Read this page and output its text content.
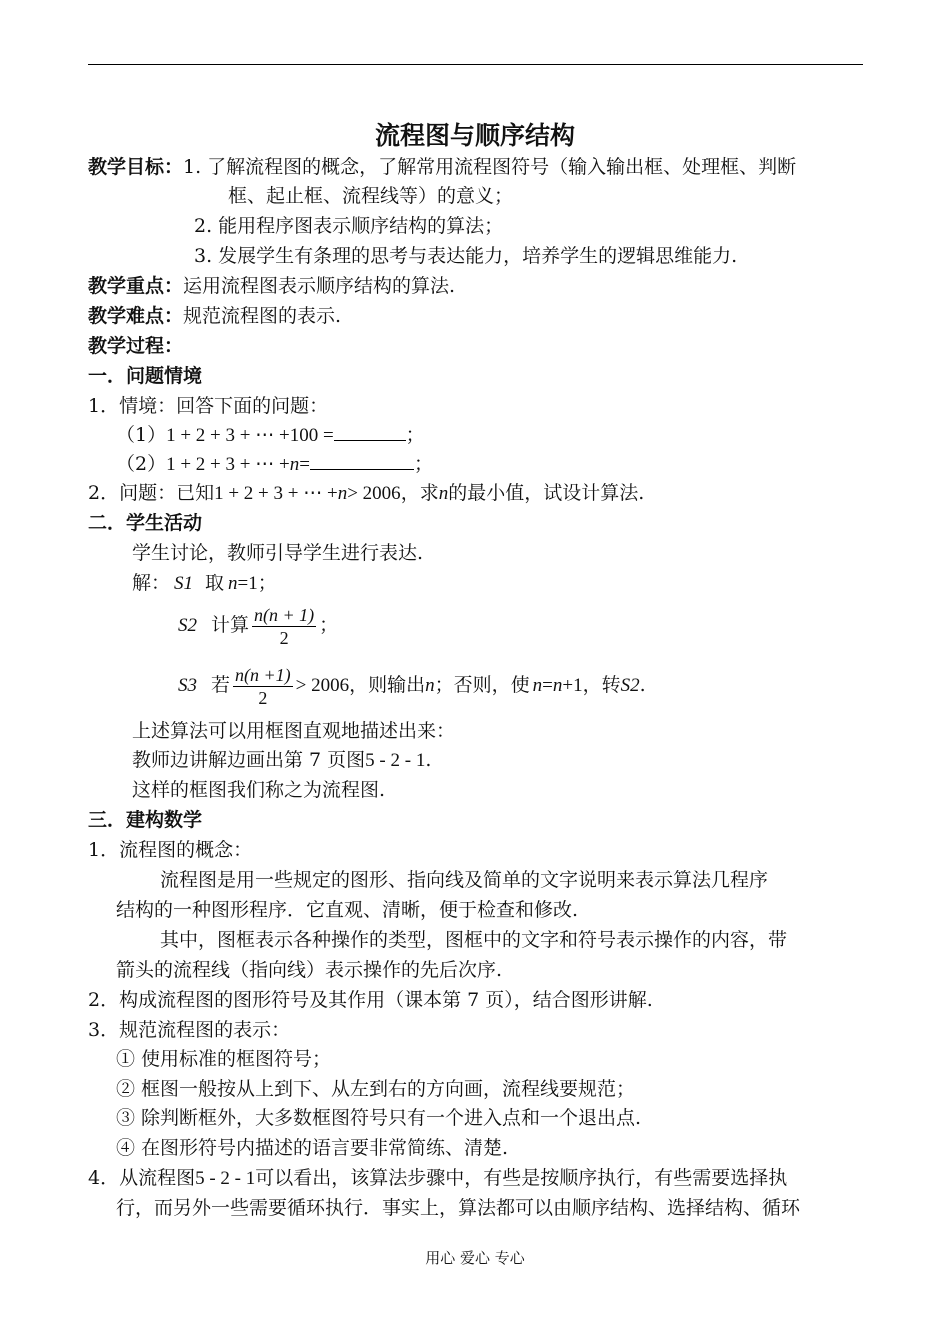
流程图与顺序结构
教学目标：1. 了解流程图的概念，了解常用流程图符号（输入输出框、处理框、判断
框、起止框、流程线等）的意义；
2. 能用程序图表示顺序结构的算法；
3. 发展学生有条理的思考与表达能力，培养学生的逻辑思维能力.
教学重点：运用流程图表示顺序结构的算法.
教学难点：规范流程图的表示.
教学过程：
一．问题情境
1．情境：回答下面的问题：
（1）1 + 2 + 3 + ⋯ +100 =	；
（2）1 + 2 + 3 + ⋯ +n=	；
2．问题：已知1 + 2 + 3 + ⋯ +n> 2006，求n的最小值，试设计算法.
二．学生活动
学生讨论，教师引导学生进行表达.
解： S1 取 n=1；
S2 计算 $\frac{n(n + 1)}{2}$ ；
S3 若 $\frac{n(n +1)}{2} > 2006$，则输出n；否则，使 n=n+1，转S2.
上述算法可以用框图直观地描述出来：
教师边讲解边画出第 7 页图5 - 2 - 1.
这样的框图我们称之为流程图.
三．建构数学
1．流程图的概念：
流程图是用一些规定的图形、指向线及简单的文字说明来表示算法几程序
结构的一种图形程序．它直观、清晰，便于检查和修改.
其中，图框表示各种操作的类型，图框中的文字和符号表示操作的内容，带
箭头的流程线（指向线）表示操作的先后次序.
2．构成流程图的图形符号及其作用（课本第 7 页），结合图形讲解.
3．规范流程图的表示：
① 使用标准的框图符号；
② 框图一般按从上到下、从左到右的方向画，流程线要规范；
③ 除判断框外，大多数框图符号只有一个进入点和一个退出点.
④ 在图形符号内描述的语言要非常简练、清楚.
4．从流程图5 - 2 - 1可以看出，该算法步骤中，有些是按顺序执行，有些需要选择执
行，而另外一些需要循环执行．事实上，算法都可以由顺序结构、选择结构、循环
用心 爱心 专心
